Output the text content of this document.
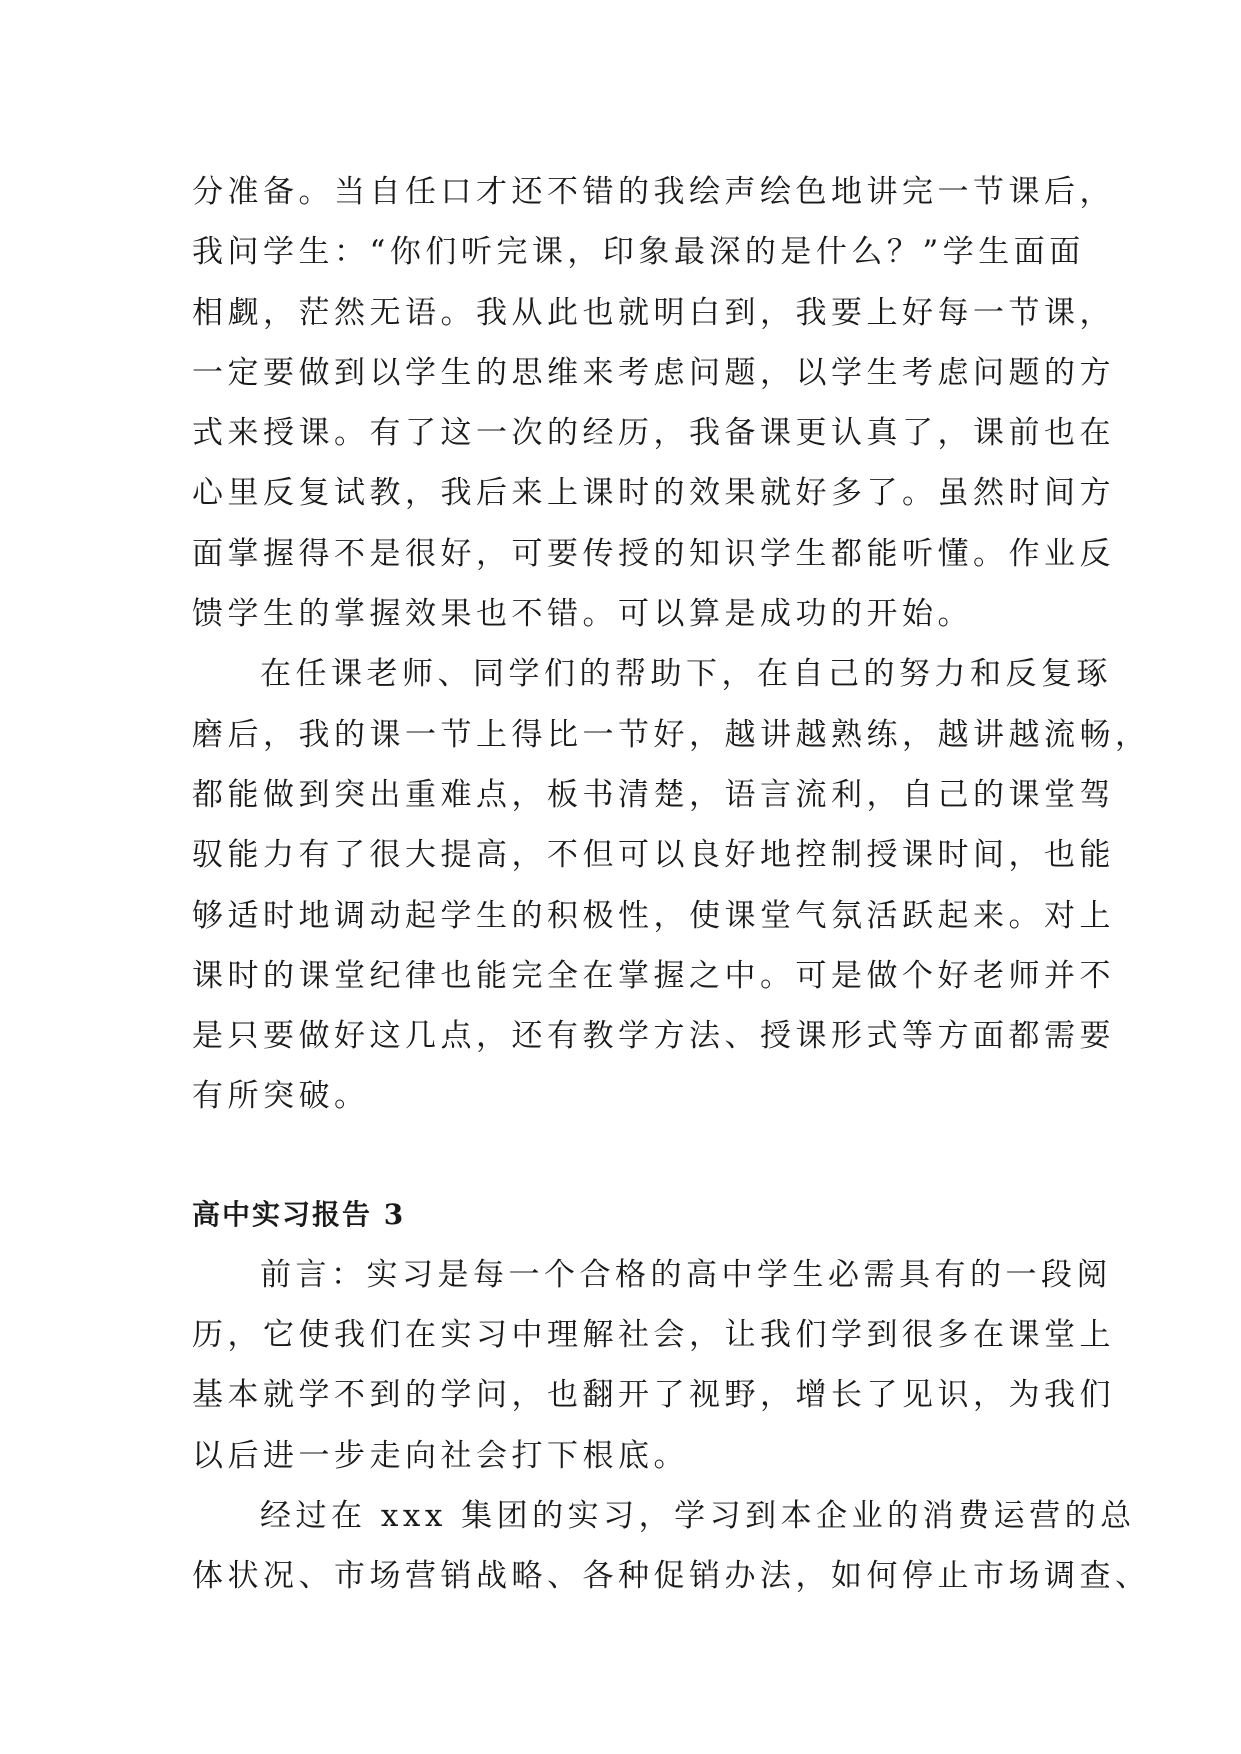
分准备。当自任口才还不错的我绘声绘色地讲完一节课后，

我问学生：“你们听完课，印象最深的是什么？”学生面面

相觑，茫然无语。我从此也就明白到，我要上好每一节课，

一定要做到以学生的思维来考虑问题，以学生考虑问题的方

式来授课。有了这一次的经历，我备课更认真了，课前也在

心里反复试教，我后来上课时的效果就好多了。虽然时间方

面掌握得不是很好，可要传授的知识学生都能听懂。作业反

馈学生的掌握效果也不错。可以算是成功的开始。

在任课老师、同学们的帮助下，在自己的努力和反复琢

磨后，我的课一节上得比一节好，越讲越熟练，越讲越流畅，

都能做到突出重难点，板书清楚，语言流利，自己的课堂驾

驭能力有了很大提高，不但可以良好地控制授课时间，也能

够适时地调动起学生的积极性，使课堂气氛活跃起来。对上

课时的课堂纪律也能完全在掌握之中。可是做个好老师并不

是只要做好这几点，还有教学方法、授课形式等方面都需要

有所突破。

高中实习报告 3

前言：实习是每一个合格的高中学生必需具有的一段阅

历，它使我们在实习中理解社会，让我们学到很多在课堂上

基本就学不到的学问，也翻开了视野，增长了见识，为我们

以后进一步走向社会打下根底。

经过在 xxx 集团的实习，学习到本企业的消费运营的总

体状况、市场营销战略、各种促销办法，如何停止市场调查、
